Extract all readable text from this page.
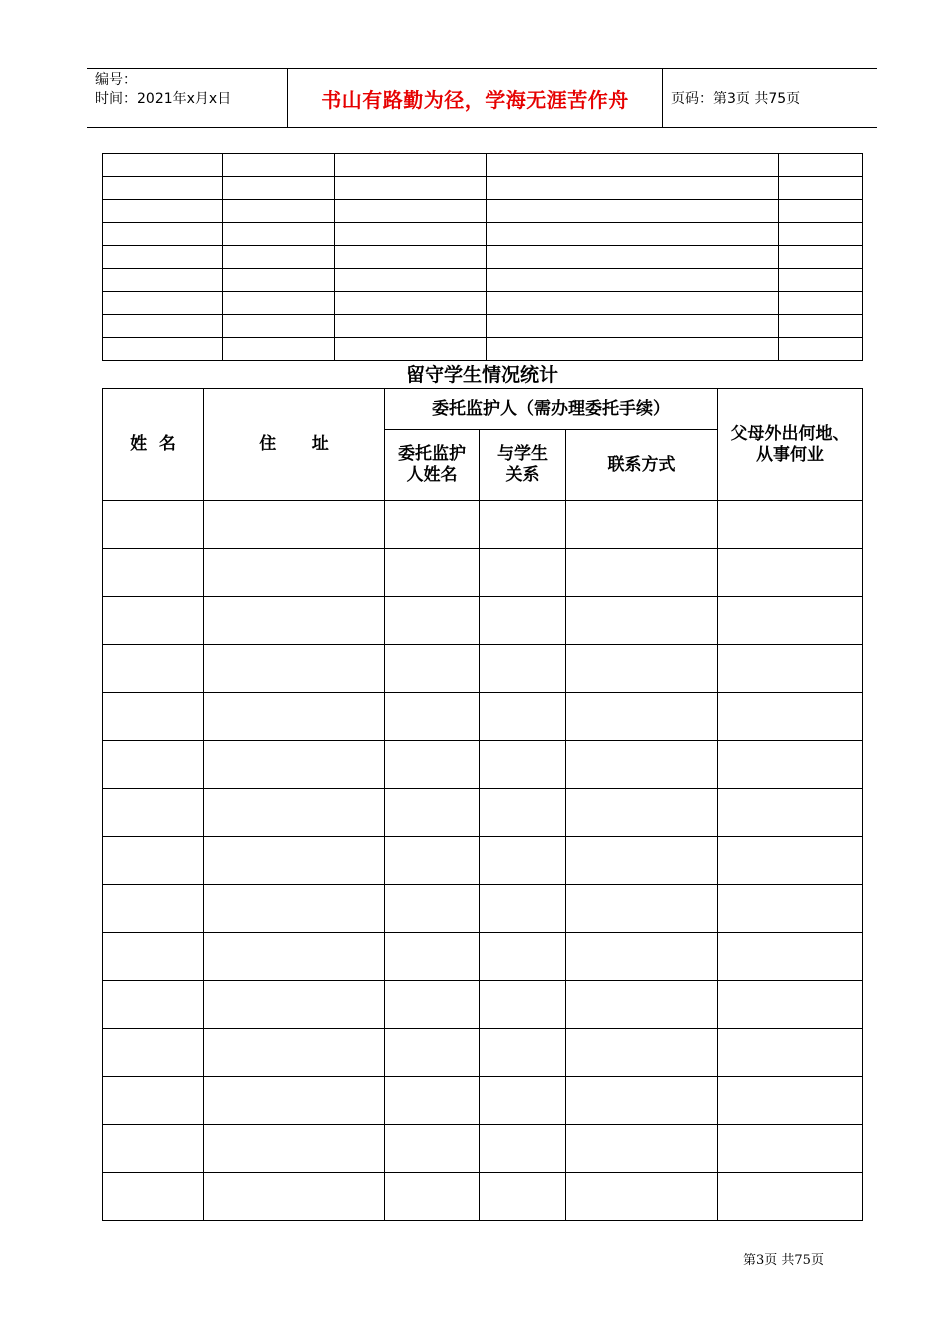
编号：
时间：2021年x月x日	书山有路勤为径，学海无涯苦作舟	页码：第3页 共75页

留守学生情况统计
姓  名	住      址	委托监护人（需办理委托手续）			父母外出何地、从事何业
		委托监护人姓名	与学生关系	联系方式	

第3页 共75页
